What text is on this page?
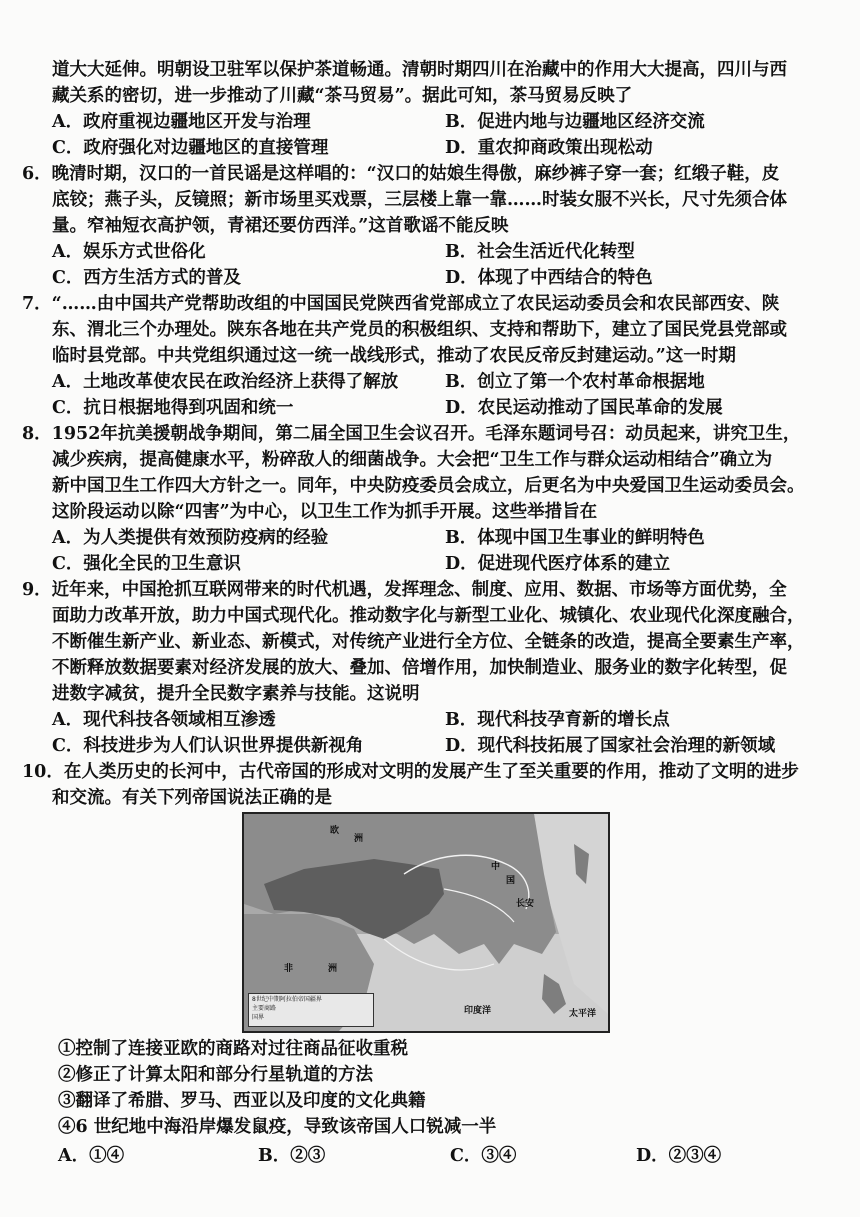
道大大延伸。明朝设卫驻军以保护茶道畅通。清朝时期四川在治藏中的作用大大提高，四川与西
藏关系的密切，进一步推动了川藏“茶马贸易”。据此可知，茶马贸易反映了
A．政府重视边疆地区开发与治理	B．促进内地与边疆地区经济交流
C．政府强化对边疆地区的直接管理	D．重农抑商政策出现松动
6．晚清时期，汉口的一首民谣是这样唱的：“汉口的姑娘生得傲，麻纱裤子穿一套；红缎子鞋，皮
底铰；燕子头，反镜照；新市场里买戏票，三层楼上靠一靠……时装女服不兴长，尺寸先须合体
量。窄袖短衣高护领，青裙还要仿西洋。”这首歌谣不能反映
A．娱乐方式世俗化	B．社会生活近代化转型
C．西方生活方式的普及	D．体现了中西结合的特色
7．“……由中国共产党帮助改组的中国国民党陕西省党部成立了农民运动委员会和农民部西安、陕
东、渭北三个办理处。陕东各地在共产党员的积极组织、支持和帮助下，建立了国民党县党部或
临时县党部。中共党组织通过这一统一战线形式，推动了农民反帝反封建运动。”这一时期
A．土地改革使农民在政治经济上获得了解放	B．创立了第一个农村革命根据地
C．抗日根据地得到巩固和统一	D．农民运动推动了国民革命的发展
8．1952年抗美援朝战争期间，第二届全国卫生会议召开。毛泽东题词号召：动员起来，讲究卫生，
减少疾病，提高健康水平，粉碎敌人的细菌战争。大会把“卫生工作与群众运动相结合”确立为
新中国卫生工作四大方针之一。同年，中央防疫委员会成立，后更名为中央爱国卫生运动委员会。
这阶段运动以除“四害”为中心，以卫生工作为抓手开展。这些举措旨在
A．为人类提供有效预防疫病的经验	B．体现中国卫生事业的鲜明特色
C．强化全民的卫生意识	D．促进现代医疗体系的建立
9．近年来，中国抢抓互联网带来的时代机遇，发挥理念、制度、应用、数据、市场等方面优势，全
面助力改革开放，助力中国式现代化。推动数字化与新型工业化、城镇化、农业现代化深度融合，
不断催生新产业、新业态、新模式，对传统产业进行全方位、全链条的改造，提高全要素生产率，
不断释放数据要素对经济发展的放大、叠加、倍增作用，加快制造业、服务业的数字化转型，促
进数字减贫，提升全民数字素养与技能。这说明
A．现代科技各领域相互渗透	B．现代科技孕育新的增长点
C．科技进步为人们认识世界提供新视角	D．现代科技拓展了国家社会治理的新领域
10．在人类历史的长河中，古代帝国的形成对文明的发展产生了至关重要的作用，推动了文明的进步
和交流。有关下列帝国说法正确的是
欧
洲
非	洲
中
国
长安
印度洋	太平洋
8世纪中期阿拉伯帝国疆界
主要商路
国界
①控制了连接亚欧的商路对过往商品征收重税
②修正了计算太阳和部分行星轨道的方法
③翻译了希腊、罗马、西亚以及印度的文化典籍
④6 世纪地中海沿岸爆发鼠疫，导致该帝国人口锐减一半
A．①④	B．②③	C．③④	D．②③④
